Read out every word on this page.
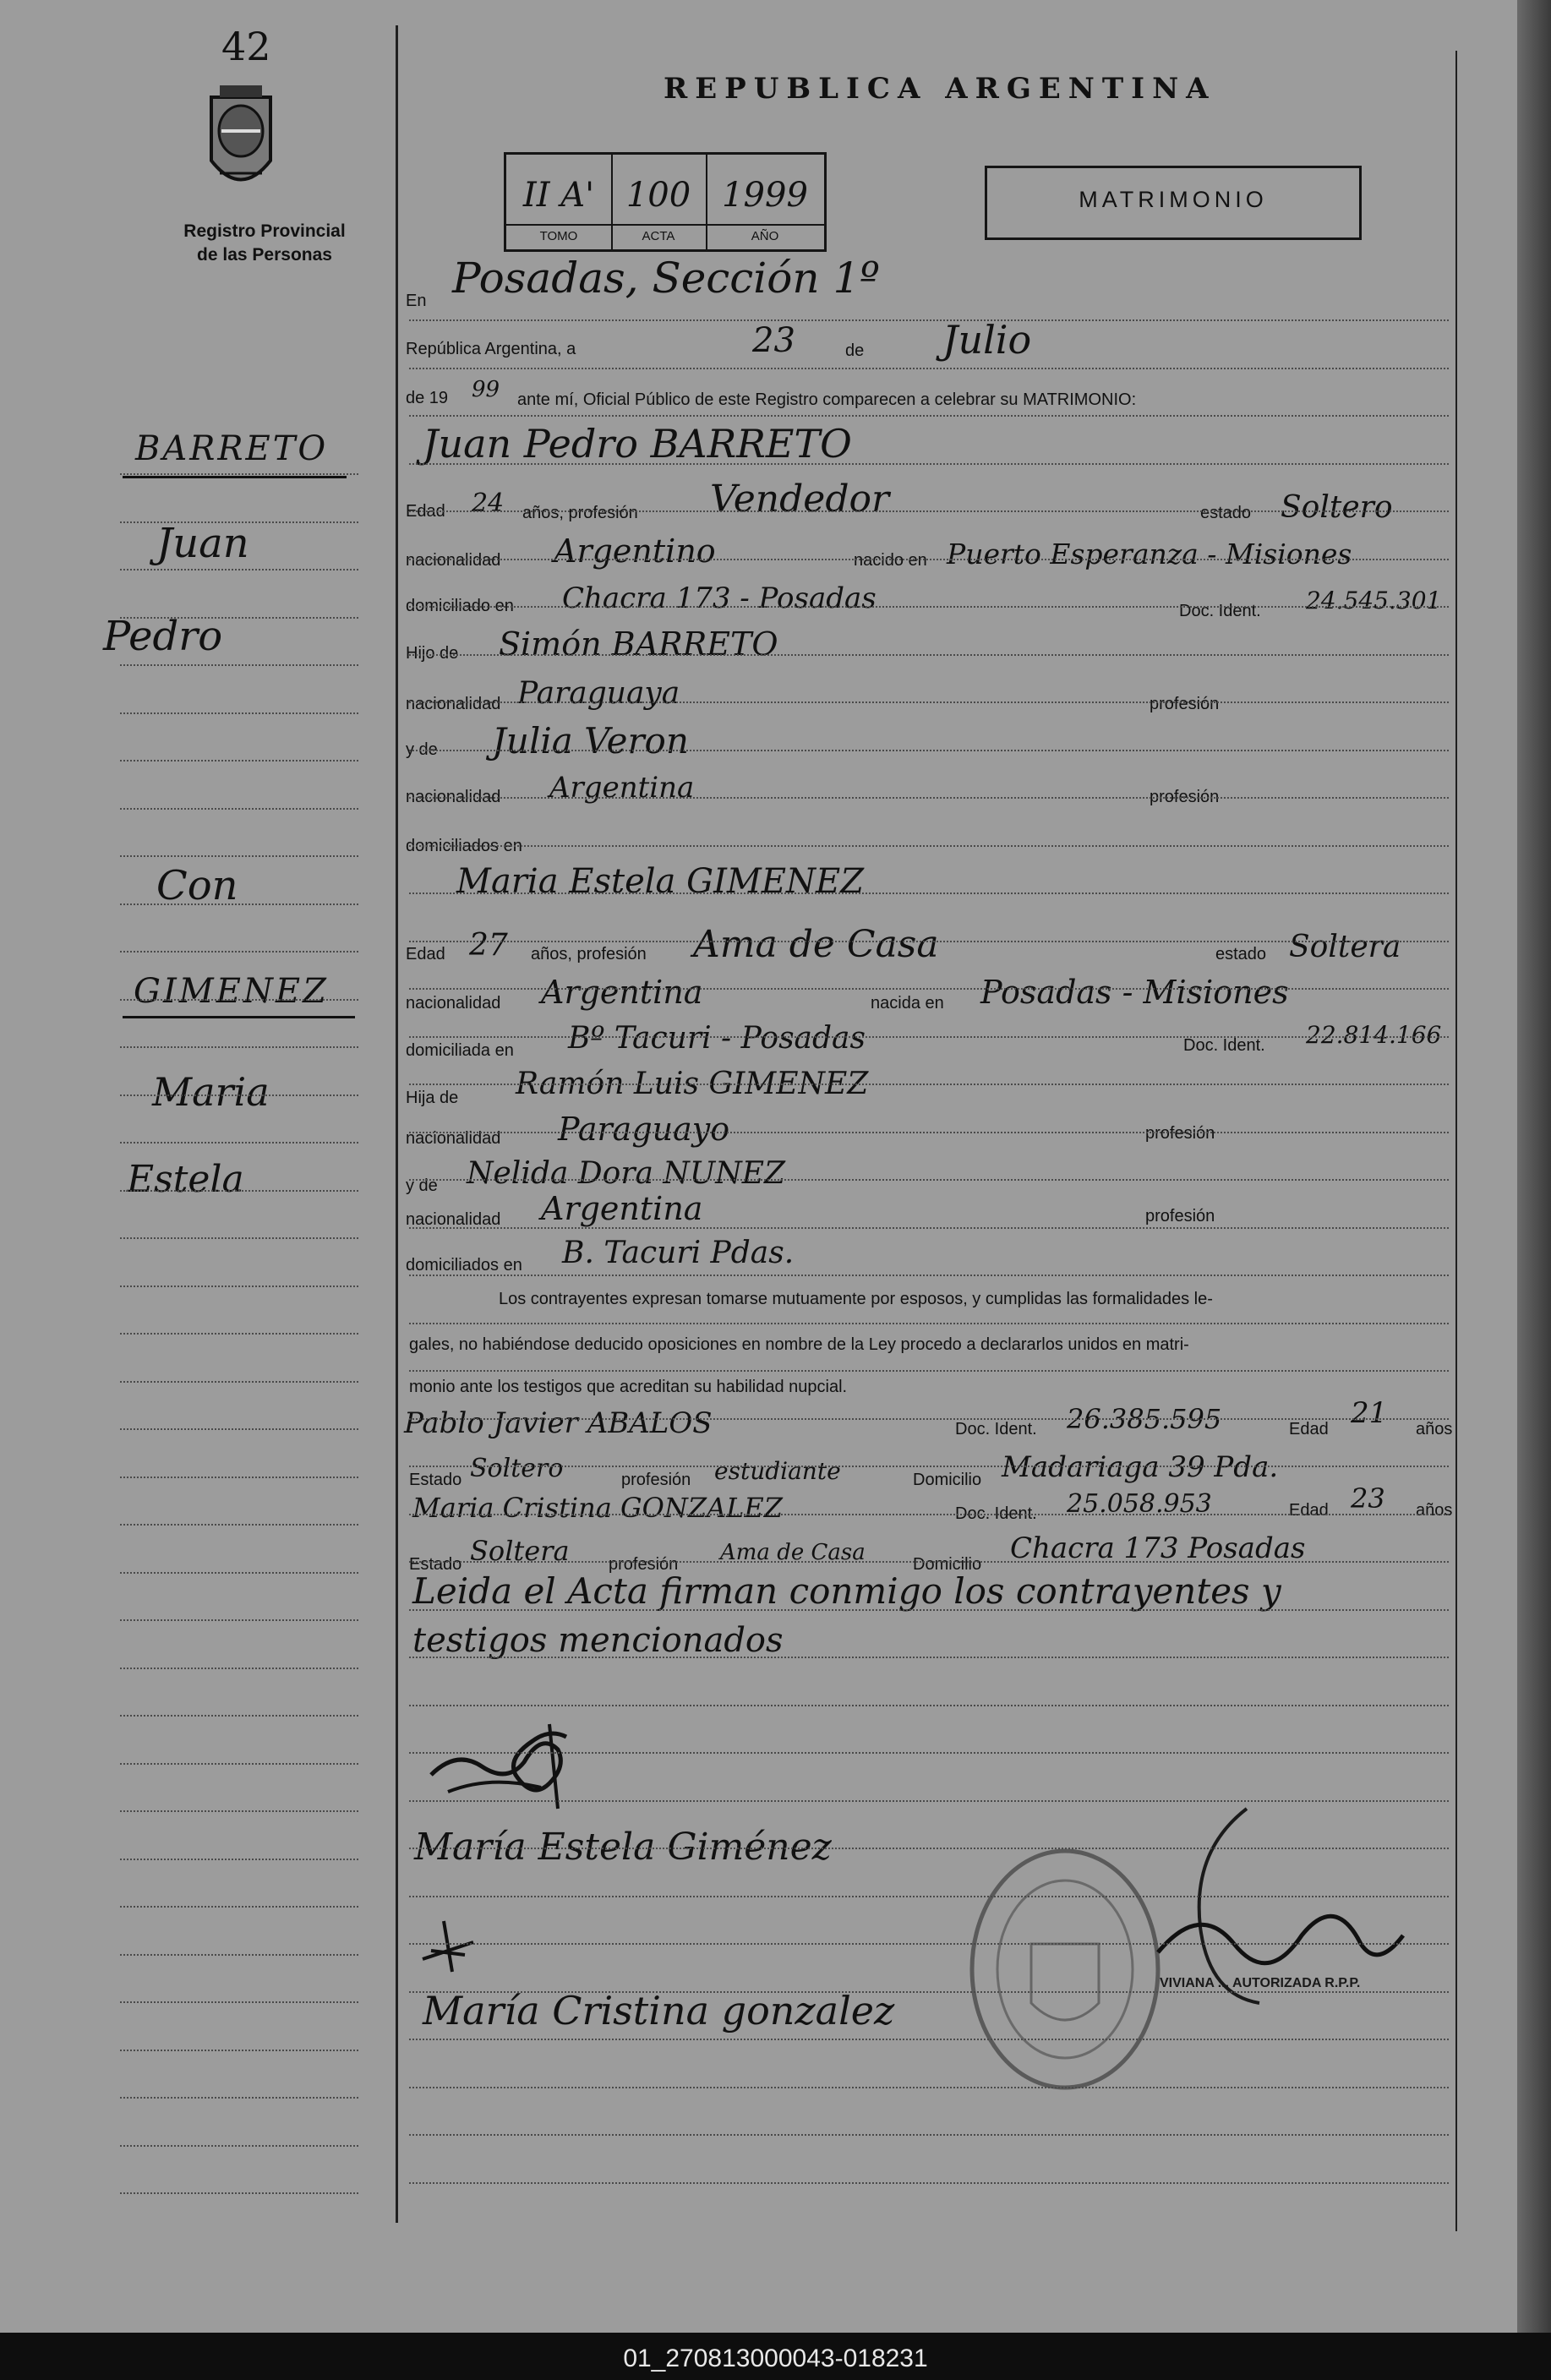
42
Registro Provincial
de las Personas
REPUBLICA ARGENTINA
II A' 100 1999
TOMO	ACTA	AÑO
MATRIMONIO
En Posadas, Sección 1º
República Argentina, a	23	de Julio
de 19 99 ante mí, Oficial Público de este Registro comparecen a celebrar su MATRIMONIO:
BARRETO
Juan
Pedro
Con
GIMENEZ
Maria
Estela
Juan Pedro BARRETO
Edad 24 años, profesión Vendedor	estado Soltero
nacionalidad Argentino	nacido en Puerto Esperanza - Misiones
domiciliado en Chacra 173 - Posadas	Doc. Ident. 24.545.301
Hijo de Simón BARRETO
nacionalidad Paraguaya	profesión
y de Julia Veron
nacionalidad Argentina	profesión
domiciliados en
Maria Estela GIMENEZ
Edad 27 años, profesión Ama de Casa	estado Soltera
nacionalidad Argentina	nacida en Posadas - Misiones
domiciliada en Bº Tacuri - Posadas	Doc. Ident. 22.814.166
Hija de Ramón Luis GIMENEZ
nacionalidad Paraguayo	profesión
y de Nelida Dora NUNEZ
nacionalidad Argentina	profesión
domiciliados en B. Tacuri Pdas.
Los contrayentes expresan tomarse mutuamente por esposos, y cumplidas las formalidades le-
gales, no habiéndose deducido oposiciones en nombre de la Ley procedo a declararlos unidos en matri-
monio ante los testigos que acreditan su habilidad nupcial.
Pablo Javier ABALOS	Doc. Ident. 26.385.595	Edad 21 años
Estado Soltero	profesión estudiante	Domicilio Madariaga 39 Pda.
Maria Cristina GONZALEZ	Doc. Ident. 25.058.953	Edad 23 años
Estado Soltera profesión Ama de Casa	Domicilio Chacra 173 Posadas
Leida el Acta firman conmigo los contrayentes y
testigos mencionados
María Estela Giménez
María Cristina gonzalez
VIVIANA ... AUTORIZADA R.P.P.
01_270813000043-018231
